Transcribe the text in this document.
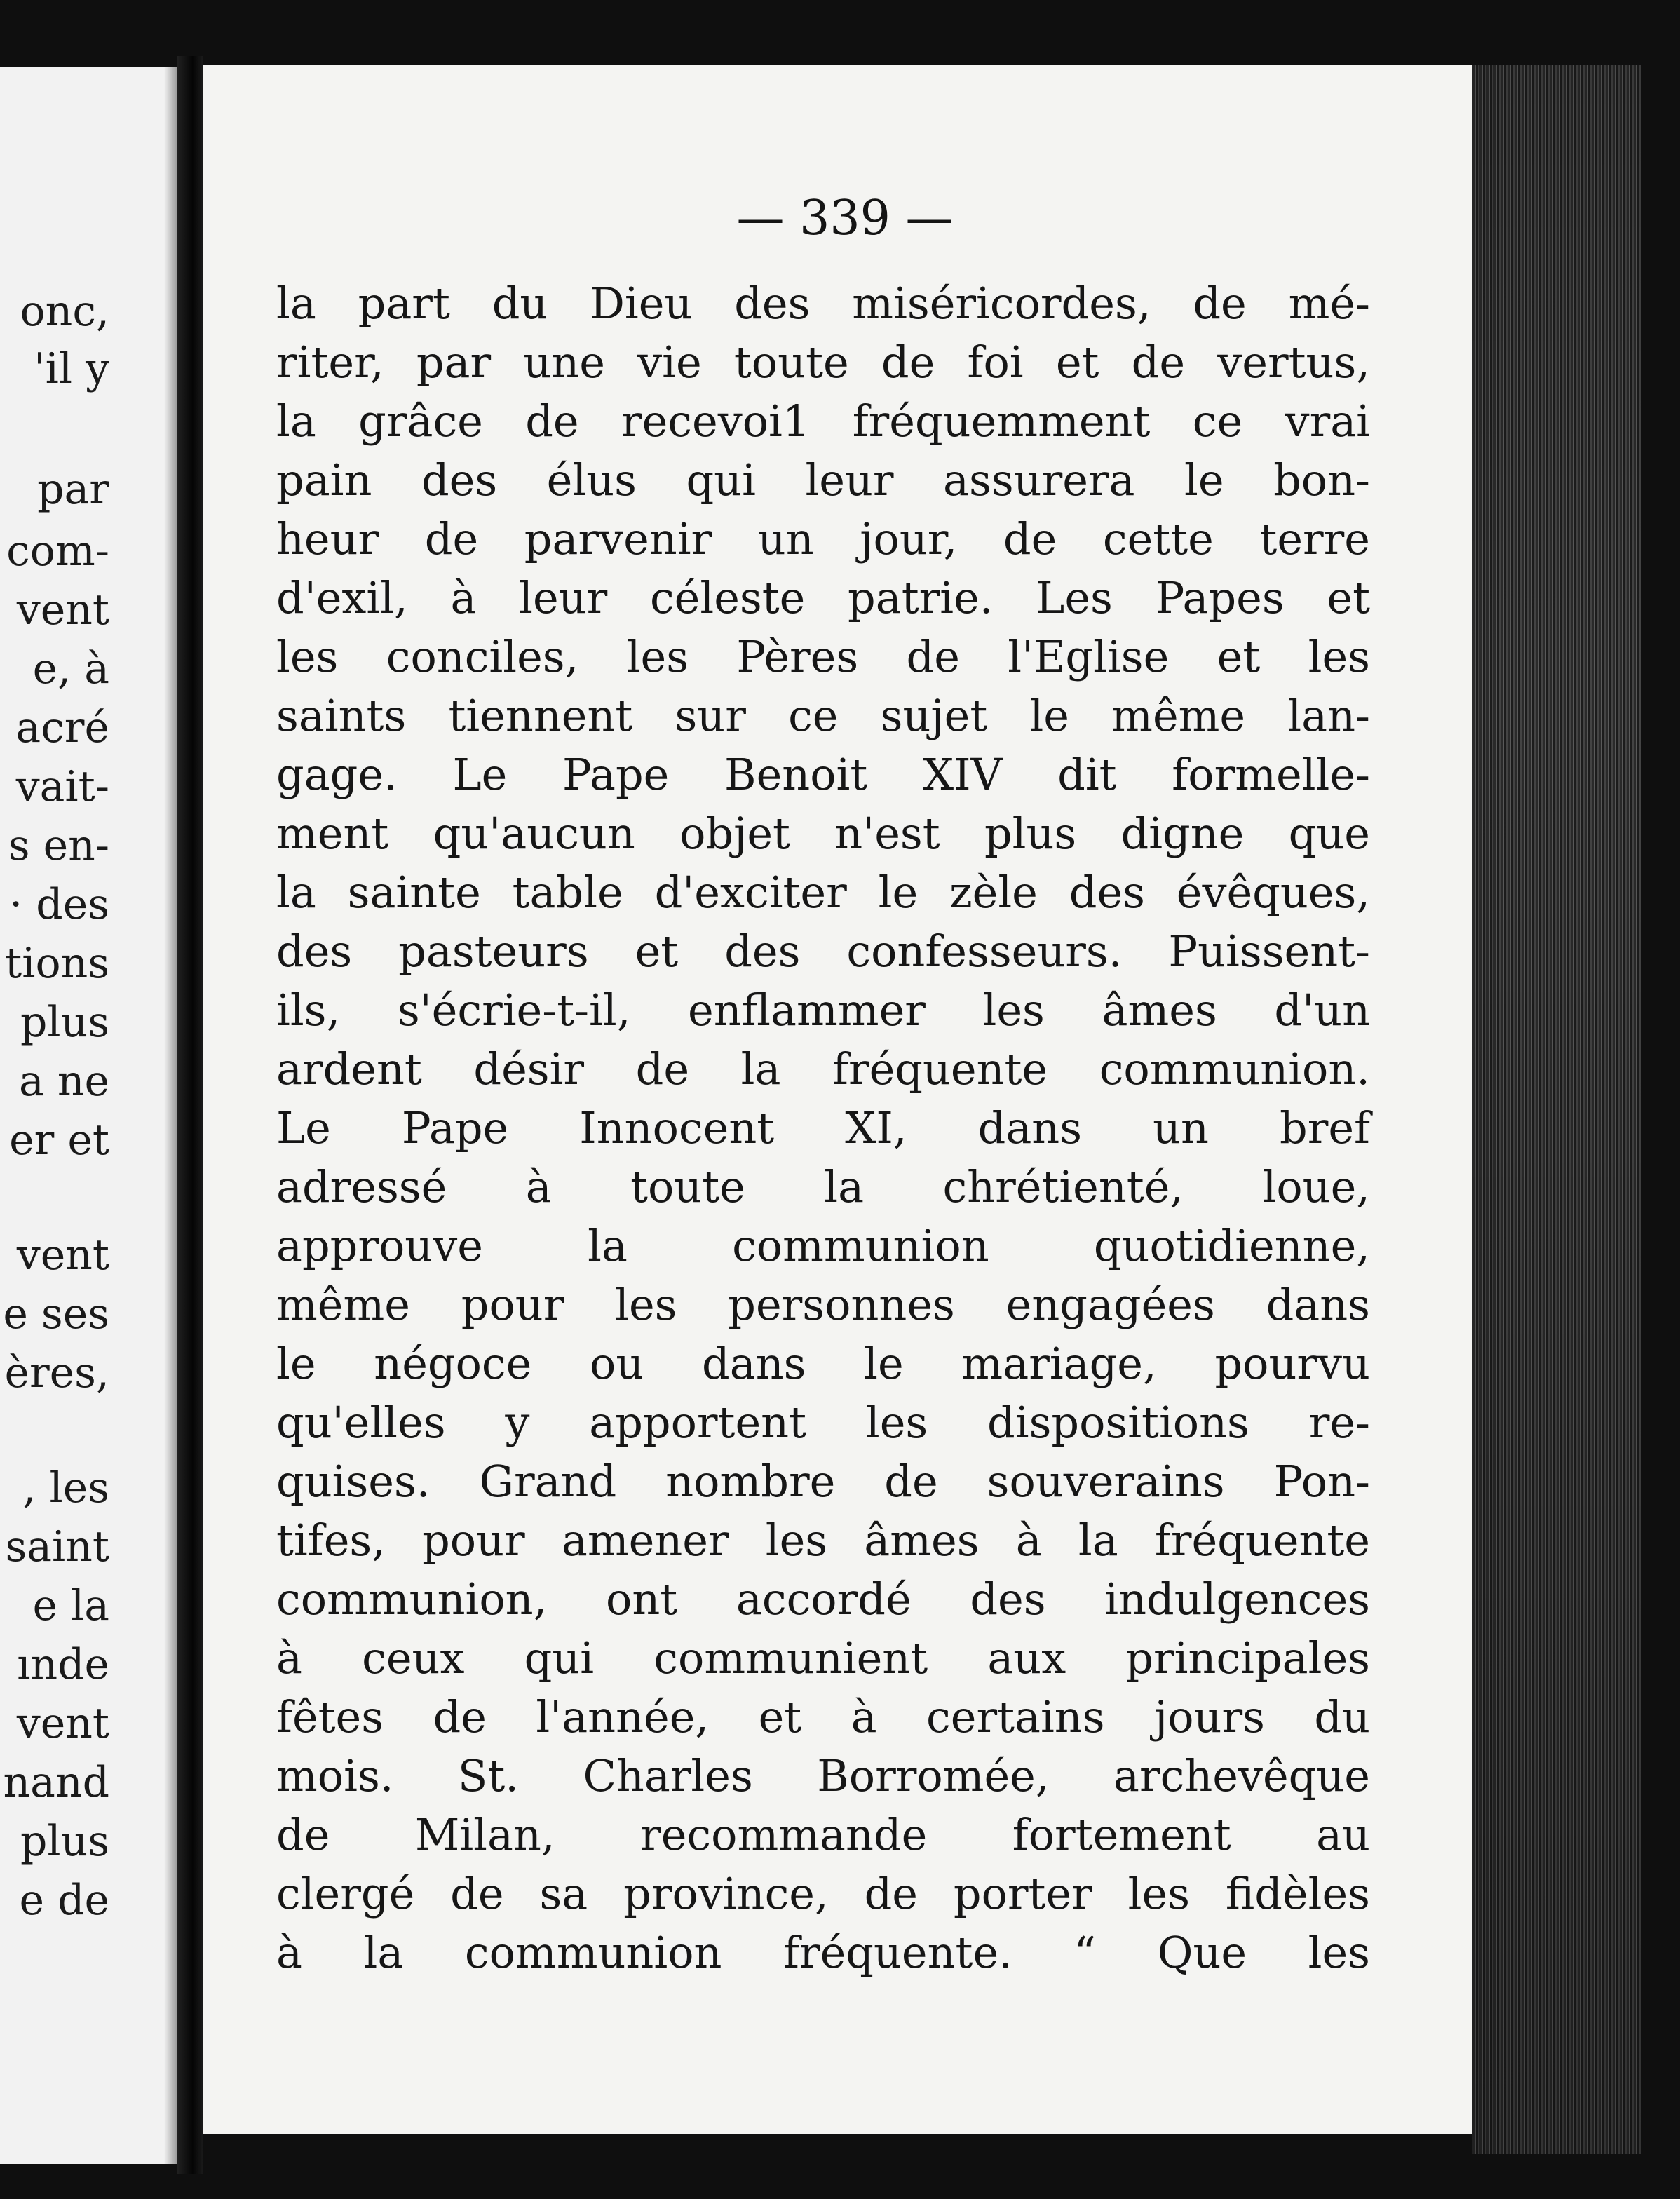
onc,
'il y
par
com-
vent
e, à
acré
vait-
s en-
· des
tions
plus
a ne
er et
vent
e ses
ères,
, les
saint
e la
ınde
vent
nand
plus
e de
— 339 —
la part du Dieu des miséricordes, de mé-
riter, par une vie toute de foi et de vertus,
la grâce de recevoi1 fréquemment ce vrai
pain des élus qui leur assurera le bon-
heur de parvenir un jour, de cette terre
d'exil, à leur céleste patrie. Les Papes et
les conciles, les Pères de l'Eglise et les
saints tiennent sur ce sujet le même lan-
gage. Le Pape Benoit XIV dit formelle-
ment qu'aucun objet n'est plus digne que
la sainte table d'exciter le zèle des évêques,
des pasteurs et des confesseurs. Puissent-
ils, s'écrie-t-il, enflammer les âmes d'un
ardent désir de la fréquente communion.
Le Pape Innocent XI, dans un bref
adressé à toute la chrétienté, loue,
approuve la communion quotidienne,
même pour les personnes engagées dans
le négoce ou dans le mariage, pourvu
qu'elles y apportent les dispositions re-
quises. Grand nombre de souverains Pon-
tifes, pour amener les âmes à la fréquente
communion, ont accordé des indulgences
à ceux qui communient aux principales
fêtes de l'année, et à certains jours du
mois. St. Charles Borromée, archevêque
de Milan, recommande fortement au
clergé de sa province, de porter les fidèles
à la communion fréquente. “ Que les
